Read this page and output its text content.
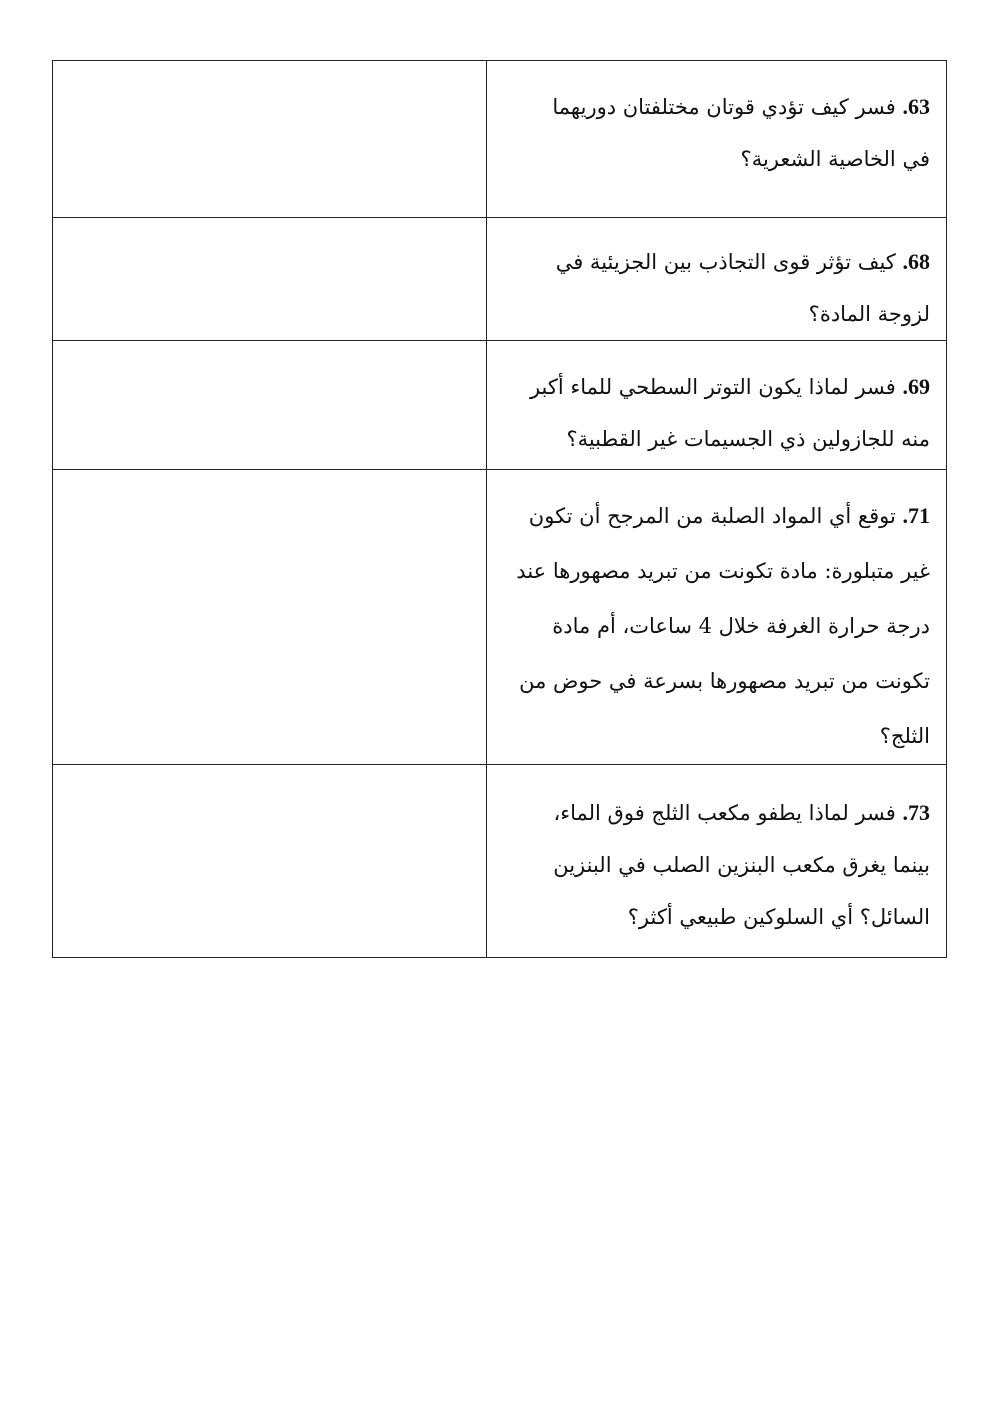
	63. فسر كيف تؤدي قوتان مختلفتان دوريهما في الخاصية الشعرية؟

	68. كيف تؤثر قوى التجاذب بين الجزيئية في لزوجة المادة؟

	69. فسر لماذا يكون التوتر السطحي للماء أكبر منه للجازولين ذي الجسيمات غير القطبية؟

	71. توقع أي المواد الصلبة من المرجح أن تكون غير متبلورة: مادة تكونت من تبريد مصهورها عند درجة حرارة الغرفة خلال 4 ساعات، أم مادة تكونت من تبريد مصهورها بسرعة في حوض من الثلج؟

	73. فسر لماذا يطفو مكعب الثلج فوق الماء، بينما يغرق مكعب البنزين الصلب في البنزين السائل؟ أي السلوكين طبيعي أكثر؟
